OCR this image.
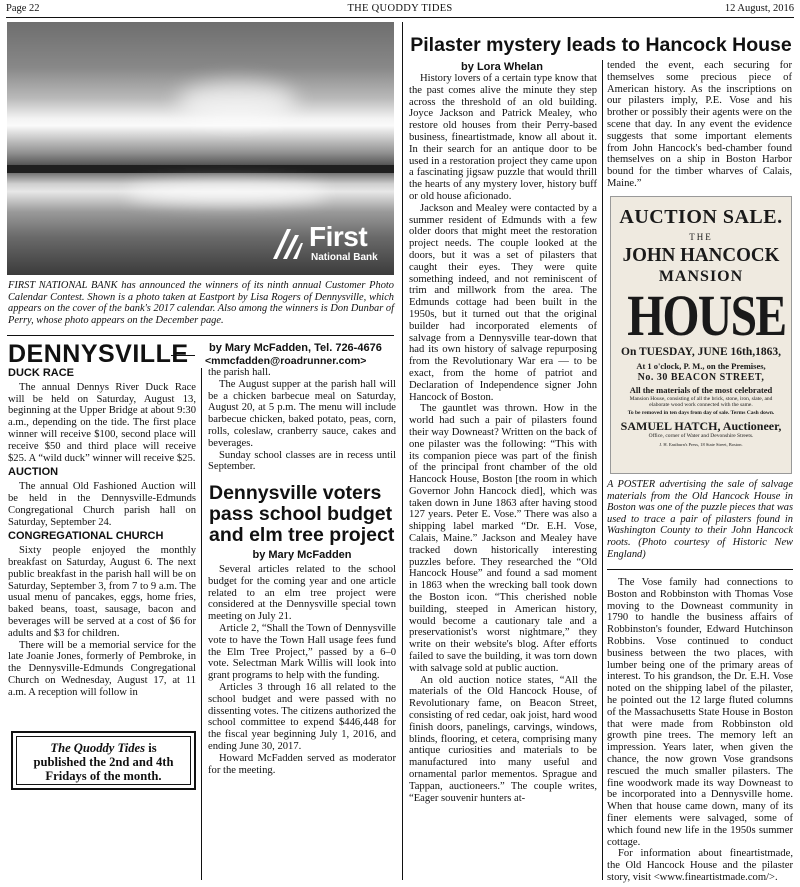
Page 22	THE QUODDY TIDES	12 August, 2016
First
National Bank
FIRST NATIONAL BANK has announced the winners of its ninth annual Customer Photo Calendar Contest. Shown is a photo taken at Eastport by Lisa Rogers of Dennysville, which appears on the cover of the bank's 2017 calendar. Also among the winners is Don Dunbar of Perry, whose photo appears on the December page.
DENNYSVILLE by Mary McFadden, Tel. 726-4676
<mmcfadden@roadrunner.com>
DUCK RACE

The annual Dennys River Duck Race will be held on Saturday, August 13, beginning at the Upper Bridge at about 9:30 a.m., depending on the tide. The first place winner will receive $100, second place will receive $50 and third place will receive $25. A “wild duck” winner will receive $25.

AUCTION

The annual Old Fashioned Auction will be held in the Dennysville-Edmunds Congregational Church parish hall on Saturday, September 24.

CONGREGATIONAL CHURCH

Sixty people enjoyed the monthly breakfast on Saturday, August 6. The next public breakfast in the parish hall will be on Saturday, September 3, from 7 to 9 a.m. The usual menu of pancakes, eggs, home fries, baked beans, toast, sausage, bacon and beverages will be served at a cost of $6 for adults and $3 for children.

There will be a memorial service for the late Joanie Jones, formerly of Pembroke, in the Dennysville-Edmunds Congregational Church on Wednesday, August 17, at 11 a.m. A reception will follow in

The Quoddy Tides is
published the 2nd and 4th
Fridays of the month.

the parish hall.

The August supper at the parish hall will be a chicken barbecue meal on Saturday, August 20, at 5 p.m. The menu will include barbecue chicken, baked potato, peas, corn, rolls, coleslaw, cranberry sauce, cakes and beverages.

Sunday school classes are in recess until September.

Dennysville voters
pass school budget
and elm tree project
by Mary McFadden

Several articles related to the school budget for the coming year and one article related to an elm tree project were considered at the Dennysville special town meeting on July 21.

Article 2, “Shall the Town of Dennysville vote to have the Town Hall usage fees fund the Elm Tree Project,” passed by a 6–0 vote. Selectman Mark Willis will look into grant programs to help with the funding.

Articles 3 through 16 all related to the school budget and were passed with no dissenting votes. The citizens authorized the school committee to expend $446,448 for the fiscal year beginning July 1, 2016, and ending June 30, 2017.

Howard McFadden served as moderator for the meeting.

Pilaster mystery leads to Hancock House
by Lora Whelan

History lovers of a certain type know that the past comes alive the minute they step across the threshold of an old building. Joyce Jackson and Patrick Mealey, who restore old houses from their Perry-based business, fineartistmade, know all about it. In their search for an antique door to be used in a restoration project they came upon a fascinating jigsaw puzzle that would thrill the hearts of any mystery lover, history buff or old house aficionado.

Jackson and Mealey were contacted by a summer resident of Edmunds with a few older doors that might meet the restoration project needs. The couple looked at the doors, but it was a set of pilasters that caught their eyes. They were quite something indeed, and not reminiscent of trim and millwork from the area. The Edmunds cottage had been built in the 1950s, but it turned out that the original builder had incorporated elements of salvage from a Dennysville tear-down that had its own history of salvage repurposing from the Revolutionary War era — to be exact, from the home of patriot and Declaration of Independence signer John Hancock of Boston.

The gauntlet was thrown. How in the world had such a pair of pilasters found their way Downeast? Written on the back of one pilaster was the following: “This with its companion piece was part of the finish of the principal front chamber of the old Hancock House, Boston [the room in which Governor John Hancock died], which was taken down in June 1863 after having stood 127 years. Peter E. Vose.” There was also a shipping label marked “Dr. E.H. Vose, Calais, Maine.” Jackson and Mealey have tracked down historically interesting puzzles before. They researched the “Old Hancock House” and found a sad moment in 1863 when the wrecking ball took down the Boston icon. “This cherished noble building, steeped in American history, would become a cautionary tale and a preservationist's worst nightmare,” they write on their website's blog. After efforts failed to save the building, it was torn down with salvage sold at public auction.

An old auction notice states, “All the materials of the Old Hancock House, of Revolutionary fame, on Beacon Street, consisting of red cedar, oak joist, hard wood finish doors, panelings, carvings, windows, blinds, flooring, et cetera, comprising many antique curiosities and materials to be manufactured into many useful and ornamental parlor mementos. Sprague and Tappan, auctioneers.” The couple writes, “Eager souvenir hunters at-

tended the event, each securing for themselves some precious piece of American history. As the inscriptions on our pilasters imply, P.E. Vose and his brother or possibly their agents were on the scene that day. In any event the evidence suggests that some important elements from John Hancock's bed-chamber found themselves on a ship in Boston Harbor bound for the timber wharves of Calais, Maine.”

AUCTION SALE.
THE
JOHN HANCOCK
MANSION
HOUSE
On TUESDAY, JUNE 16th,1863,
At 1 o'clock, P. M., on the Premises,
No. 30 BEACON STREET,
All the materials of the most celebrated
Mansion House, consisting of all the brick, stone, iron, slate, and elaborate wood work connected with the same.
To be removed in ten days from day of sale. Terms Cash down.
SAMUEL HATCH, Auctioneer,
Office, corner of Water and Devonshire Streets.
J. H. Eastburn's Press, 18 State Street, Boston.
A POSTER advertising the sale of salvage materials from the Old Hancock House in Boston was one of the puzzle pieces that was used to trace a pair of pilasters found in Washington County to their John Hancock roots. (Photo courtesy of Historic New England)

The Vose family had connections to Boston and Robbinston with Thomas Vose moving to the Downeast community in 1790 to handle the business affairs of Robbinston's founder, Edward Hutchinson Robbins. Vose continued to conduct business between the two places, with lumber being one of the primary areas of interest. To his grandson, the Dr. E.H. Vose noted on the shipping label of the pilaster, he pointed out the 12 large fluted columns of the Massachusetts State House in Boston that were made from Robbinston old growth pine trees. The memory left an impression. Years later, when given the chance, the now grown Vose grandsons rescued the much smaller pilasters. The fine woodwork made its way Downeast to be incorporated into a Dennysville home. When that house came down, many of its finer elements were salvaged, some of which found new life in the 1950s summer cottage.

For information about fineartistmade, the Old Hancock House and the pilaster story, visit <www.fineartistmade.com/>.
